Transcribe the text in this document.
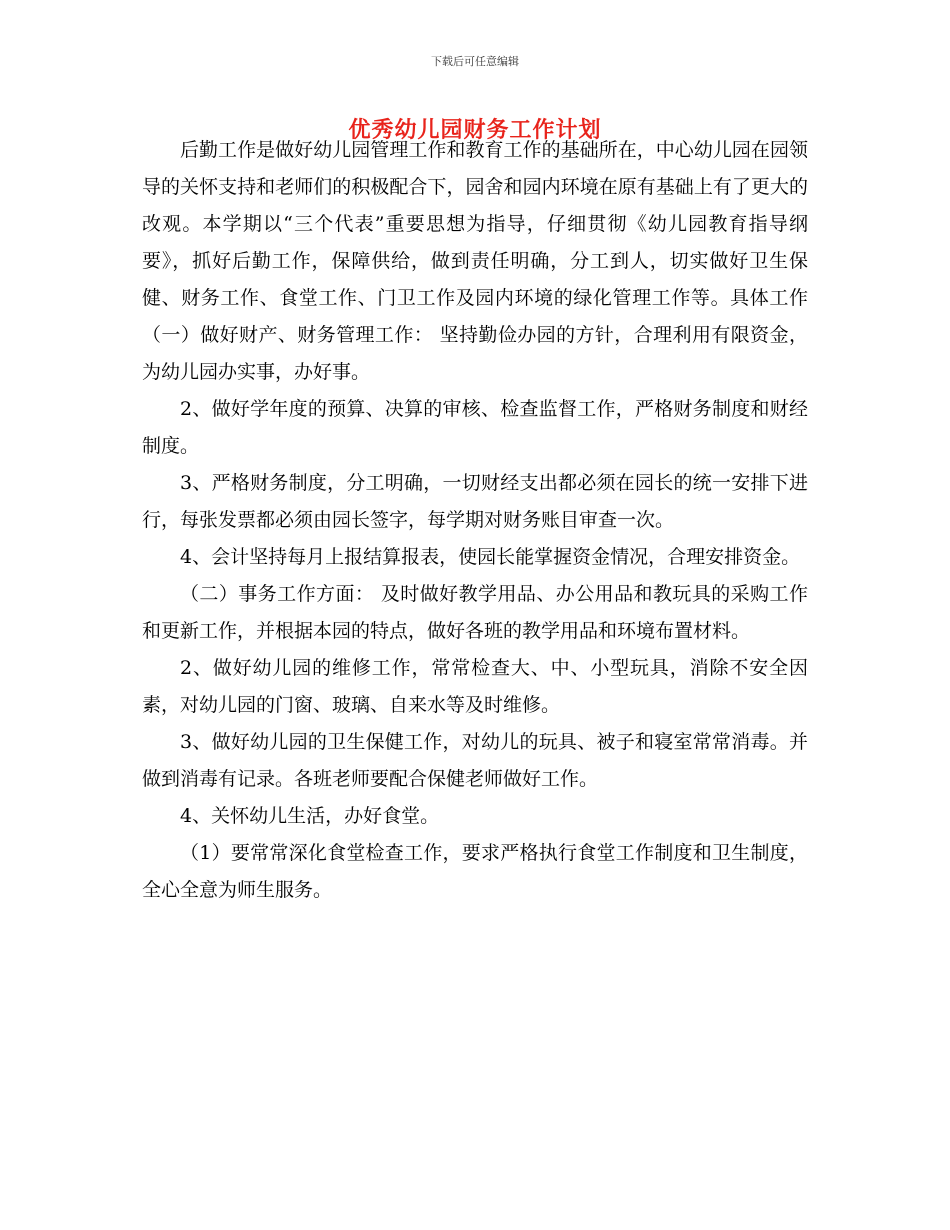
下载后可任意编辑
优秀幼儿园财务工作计划

后勤工作是做好幼儿园管理工作和教育工作的基础所在，中心幼儿园在园领导的关怀支持和老师们的积极配合下，园舍和园内环境在原有基础上有了更大的改观。本学期以“三个代表”重要思想为指导，仔细贯彻《幼儿园教育指导纲要》，抓好后勤工作，保障供给，做到责任明确，分工到人，切实做好卫生保健、财务工作、食堂工作、门卫工作及园内环境的绿化管理工作等。具体工作（一）做好财产、财务管理工作： 坚持勤俭办园的方针，合理利用有限资金，为幼儿园办实事，办好事。

2、做好学年度的预算、决算的审核、检查监督工作，严格财务制度和财经制度。

3、严格财务制度，分工明确，一切财经支出都必须在园长的统一安排下进行，每张发票都必须由园长签字，每学期对财务账目审查一次。

4、会计坚持每月上报结算报表，使园长能掌握资金情况，合理安排资金。

（二）事务工作方面： 及时做好教学用品、办公用品和教玩具的采购工作和更新工作，并根据本园的特点，做好各班的教学用品和环境布置材料。

2、做好幼儿园的维修工作，常常检查大、中、小型玩具，消除不安全因素，对幼儿园的门窗、玻璃、自来水等及时维修。

3、做好幼儿园的卫生保健工作，对幼儿的玩具、被子和寝室常常消毒。并做到消毒有记录。各班老师要配合保健老师做好工作。

4、关怀幼儿生活，办好食堂。

（1）要常常深化食堂检查工作，要求严格执行食堂工作制度和卫生制度，全心全意为师生服务。
